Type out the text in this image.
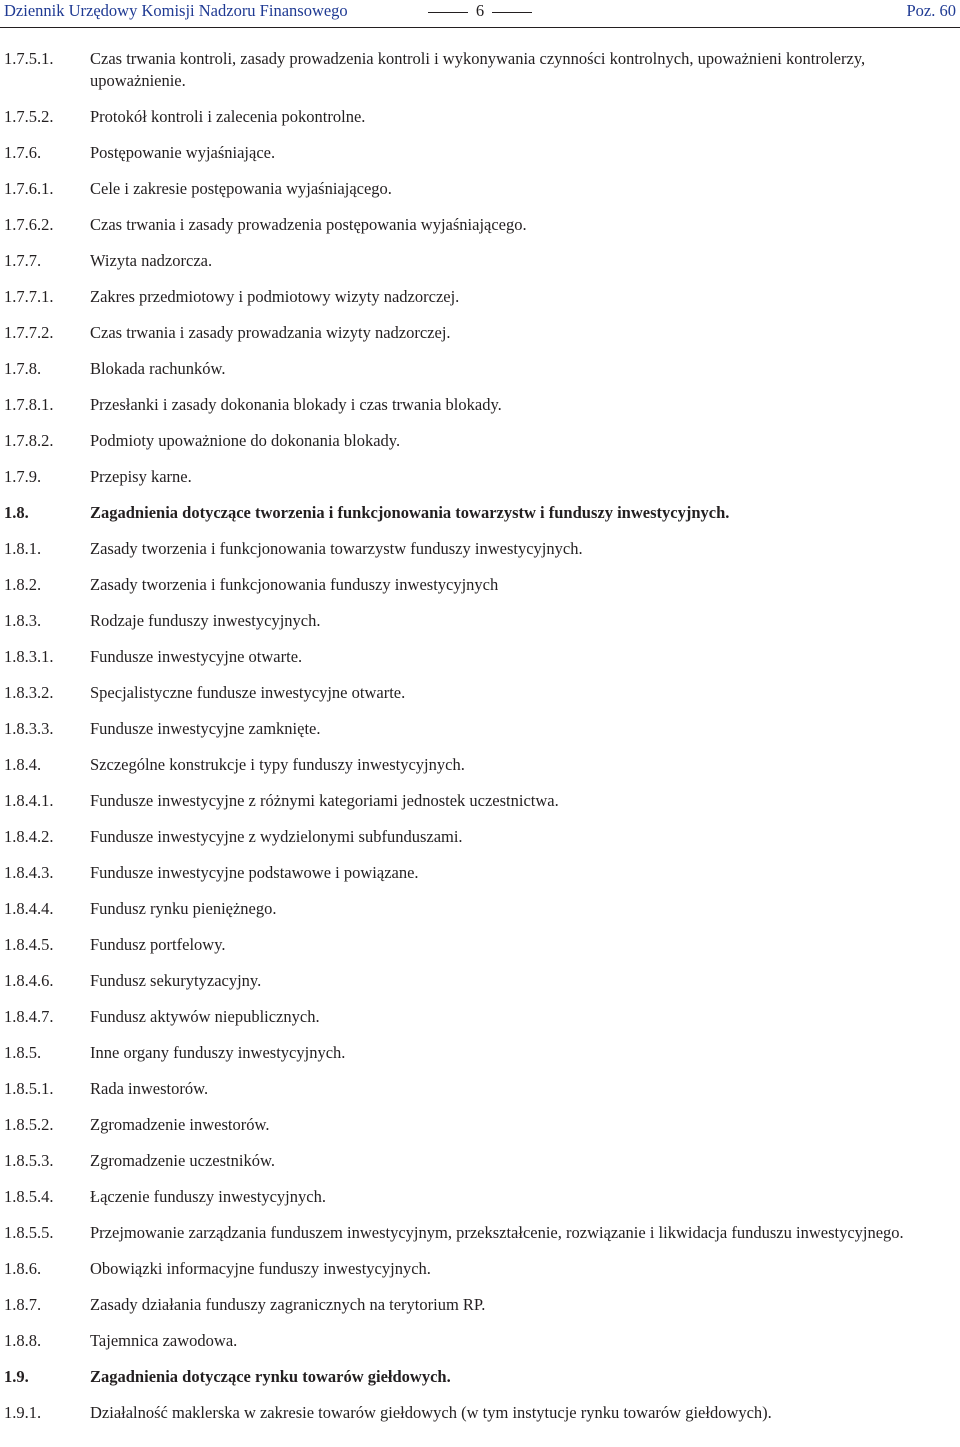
Dziennik Urzędowy Komisji Nadzoru Finansowego	6	Poz. 60
1.7.5.1.	Czas trwania kontroli, zasady prowadzenia kontroli i wykonywania czynności kontrolnych, upoważnieni kontrolerzy, upoważnienie.
1.7.5.2.	Protokół kontroli i zalecenia pokontrolne.
1.7.6.	Postępowanie wyjaśniające.
1.7.6.1.	Cele i zakresie postępowania wyjaśniającego.
1.7.6.2.	Czas trwania i zasady prowadzenia postępowania wyjaśniającego.
1.7.7.	Wizyta nadzorcza.
1.7.7.1.	Zakres przedmiotowy i podmiotowy wizyty nadzorczej.
1.7.7.2.	Czas trwania i zasady prowadzania wizyty nadzorczej.
1.7.8.	Blokada rachunków.
1.7.8.1.	Przesłanki i zasady dokonania blokady i czas trwania blokady.
1.7.8.2.	Podmioty upoważnione do dokonania blokady.
1.7.9.	Przepisy karne.
1.8.	Zagadnienia dotyczące tworzenia i funkcjonowania towarzystw i funduszy inwestycyjnych.
1.8.1.	Zasady tworzenia i funkcjonowania towarzystw funduszy inwestycyjnych.
1.8.2.	Zasady tworzenia i funkcjonowania funduszy inwestycyjnych
1.8.3.	Rodzaje funduszy inwestycyjnych.
1.8.3.1.	Fundusze inwestycyjne otwarte.
1.8.3.2.	Specjalistyczne fundusze inwestycyjne otwarte.
1.8.3.3.	Fundusze inwestycyjne zamknięte.
1.8.4.	Szczególne konstrukcje i typy funduszy inwestycyjnych.
1.8.4.1.	Fundusze inwestycyjne z różnymi kategoriami jednostek uczestnictwa.
1.8.4.2.	Fundusze inwestycyjne z wydzielonymi subfunduszami.
1.8.4.3.	Fundusze inwestycyjne podstawowe i powiązane.
1.8.4.4.	Fundusz rynku pieniężnego.
1.8.4.5.	Fundusz portfelowy.
1.8.4.6.	Fundusz sekurytyzacyjny.
1.8.4.7.	Fundusz aktywów niepublicznych.
1.8.5.	Inne organy funduszy inwestycyjnych.
1.8.5.1.	Rada inwestorów.
1.8.5.2.	Zgromadzenie inwestorów.
1.8.5.3.	Zgromadzenie uczestników.
1.8.5.4.	Łączenie funduszy inwestycyjnych.
1.8.5.5.	Przejmowanie zarządzania funduszem inwestycyjnym, przekształcenie, rozwiązanie i likwidacja funduszu inwestycyjnego.
1.8.6.	Obowiązki informacyjne funduszy inwestycyjnych.
1.8.7.	Zasady działania funduszy zagranicznych na terytorium RP.
1.8.8.	Tajemnica zawodowa.
1.9.	Zagadnienia dotyczące rynku towarów giełdowych.
1.9.1.	Działalność maklerska w zakresie towarów giełdowych (w tym instytucje rynku towarów giełdowych).
